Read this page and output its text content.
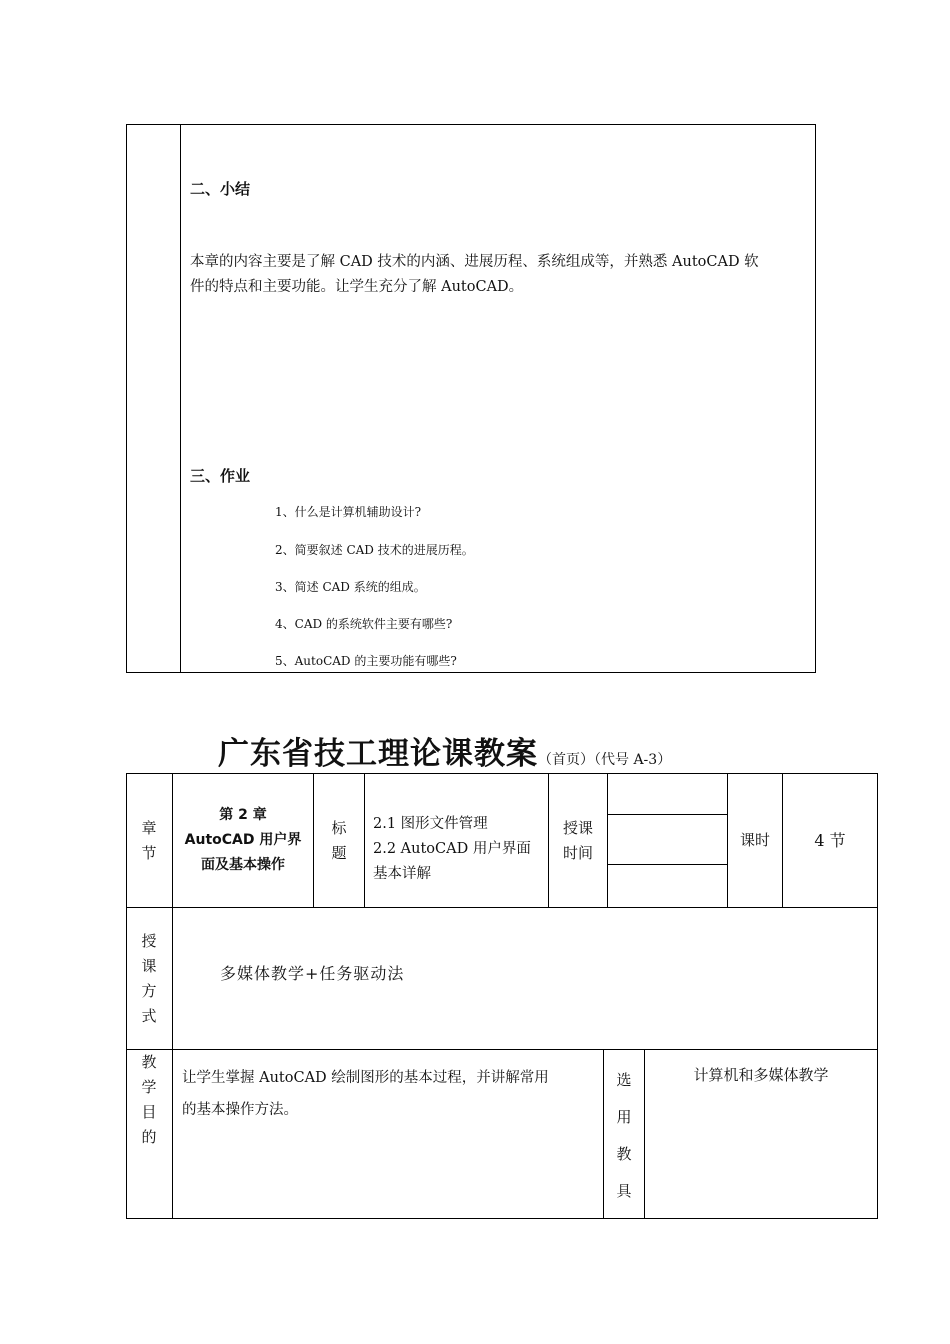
二、小结
本章的内容主要是了解 CAD 技术的内涵、进展历程、系统组成等，并熟悉 AutoCAD 软
件的特点和主要功能。让学生充分了解 AutoCAD。
三、作业
1、什么是计算机辅助设计?
2、简要叙述 CAD 技术的进展历程。
3、简述 CAD 系统的组成。
4、CAD 的系统软件主要有哪些?
5、AutoCAD 的主要功能有哪些?
广东省技工理论课教案（首页）（代号 A-3）
章
节
第 2 章
AutoCAD 用户界
面及基本操作
标
题
2.1 图形文件管理
2.2 AutoCAD 用户界面
基本详解
授课
时间
课时	4 节
授
课
方
式
多媒体教学+任务驱动法
教
学
目
的
让学生掌握 AutoCAD 绘制图形的基本过程，并讲解常用
的基本操作方法。
选
用
教
具
计算机和多媒体教学
